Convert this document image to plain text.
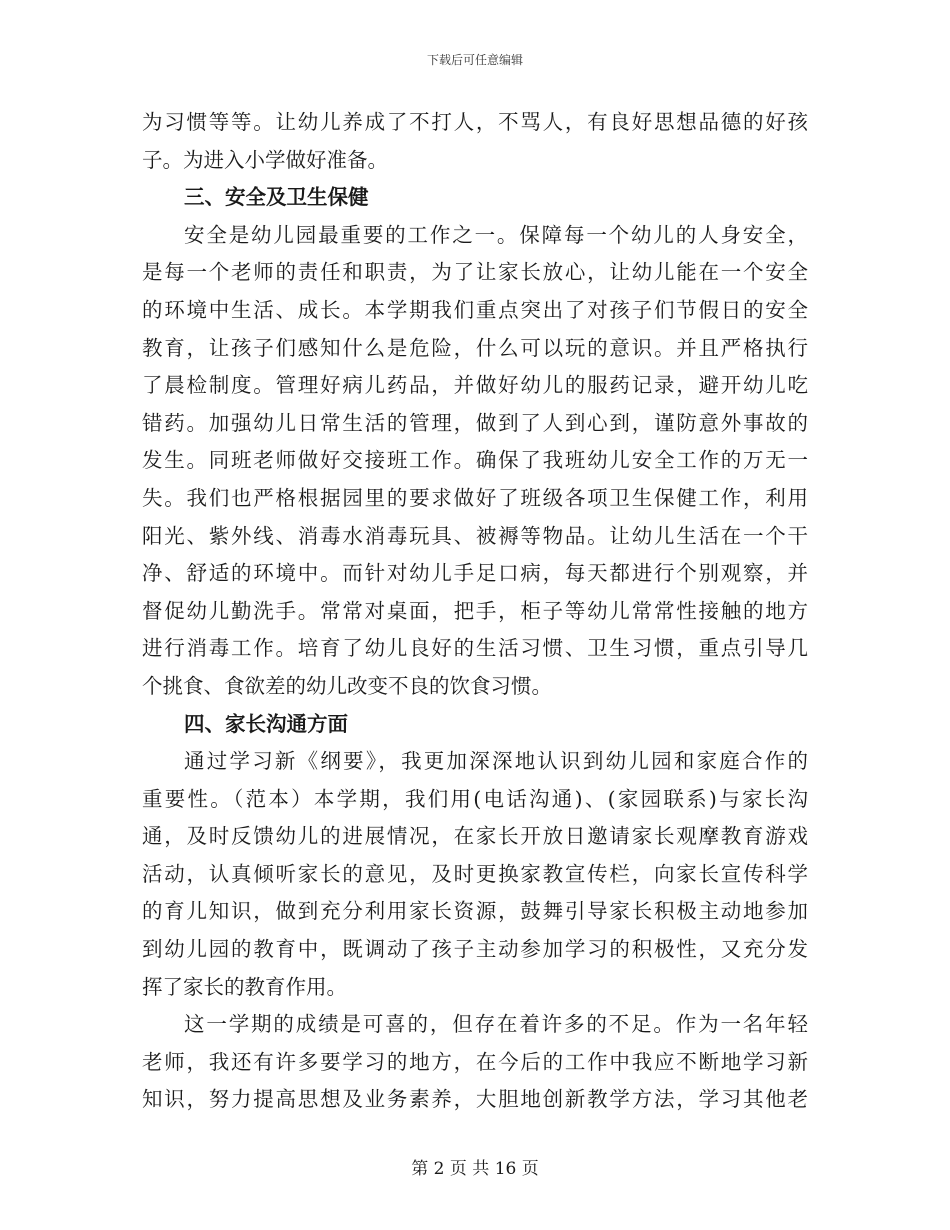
下载后可任意编辑
为习惯等等。让幼儿养成了不打人，不骂人，有良好思想品德的好孩
子。为进入小学做好准备。
三、安全及卫生保健
安全是幼儿园最重要的工作之一。保障每一个幼儿的人身安全，
是每一个老师的责任和职责，为了让家长放心，让幼儿能在一个安全
的环境中生活、成长。本学期我们重点突出了对孩子们节假日的安全
教育，让孩子们感知什么是危险，什么可以玩的意识。并且严格执行
了晨检制度。管理好病儿药品，并做好幼儿的服药记录，避开幼儿吃
错药。加强幼儿日常生活的管理，做到了人到心到，谨防意外事故的
发生。同班老师做好交接班工作。确保了我班幼儿安全工作的万无一
失。我们也严格根据园里的要求做好了班级各项卫生保健工作，利用
阳光、紫外线、消毒水消毒玩具、被褥等物品。让幼儿生活在一个干
净、舒适的环境中。而针对幼儿手足口病，每天都进行个别观察，并
督促幼儿勤洗手。常常对桌面，把手，柜子等幼儿常常性接触的地方
进行消毒工作。培育了幼儿良好的生活习惯、卫生习惯，重点引导几
个挑食、食欲差的幼儿改变不良的饮食习惯。
四、家长沟通方面
通过学习新《纲要》，我更加深深地认识到幼儿园和家庭合作的
重要性。（范本）本学期，我们用(电话沟通)、(家园联系)与家长沟
通，及时反馈幼儿的进展情况，在家长开放日邀请家长观摩教育游戏
活动，认真倾听家长的意见，及时更换家教宣传栏，向家长宣传科学
的育儿知识，做到充分利用家长资源，鼓舞引导家长积极主动地参加
到幼儿园的教育中，既调动了孩子主动参加学习的积极性，又充分发
挥了家长的教育作用。
这一学期的成绩是可喜的，但存在着许多的不足。作为一名年轻
老师，我还有许多要学习的地方，在今后的工作中我应不断地学习新
知识，努力提高思想及业务素养，大胆地创新教学方法，学习其他老
第 2 页 共 16 页
